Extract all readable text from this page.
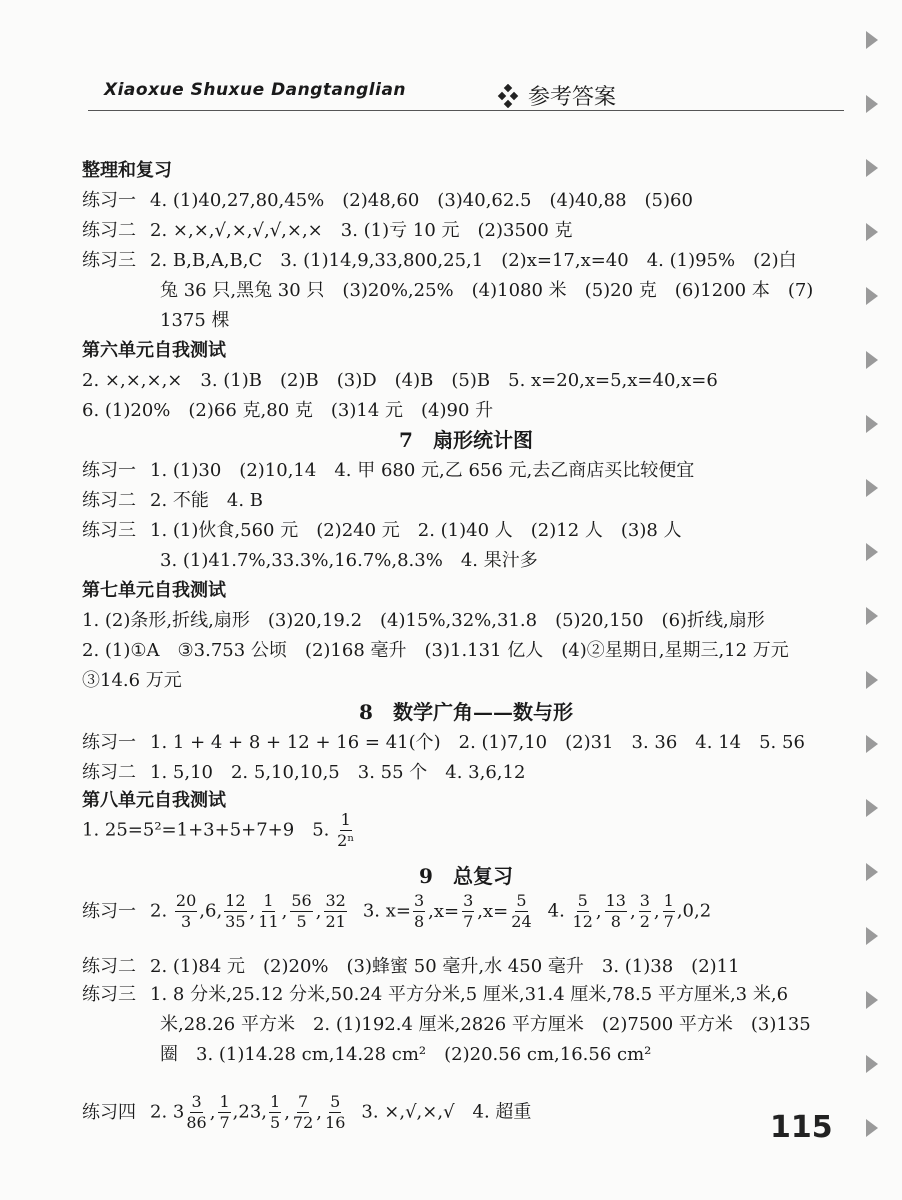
Xiaoxue Shuxue Dangtanglian	参考答案
整理和复习
练习一 4. (1)40,27,80,45%　(2)48,60　(3)40,62.5　(4)40,88　(5)60
练习二 2. ×,×,√,×,√,√,×,×　3. (1)亏 10 元　(2)3500 克
练习三 2. B,B,A,B,C　3. (1)14,9,33,800,25,1　(2)x=17,x=40　4. (1)95%　(2)白
兔 36 只,黑兔 30 只　(3)20%,25%　(4)1080 米　(5)20 克　(6)1200 本　(7)
1375 棵
第六单元自我测试
2. ×,×,×,×　3. (1)B　(2)B　(3)D　(4)B　(5)B　5. x=20,x=5,x=40,x=6
6. (1)20%　(2)66 克,80 克　(3)14 元　(4)90 升
7　扇形统计图
练习一 1. (1)30　(2)10,14　4. 甲 680 元,乙 656 元,去乙商店买比较便宜
练习二 2. 不能　4. B
练习三 1. (1)伙食,560 元　(2)240 元　2. (1)40 人　(2)12 人　(3)8 人
3. (1)41.7%,33.3%,16.7%,8.3%　4. 果汁多
第七单元自我测试
1. (2)条形,折线,扇形　(3)20,19.2　(4)15%,32%,31.8　(5)20,150　(6)折线,扇形
2. (1)①A　③3.753 公顷　(2)168 毫升　(3)1.131 亿人　(4)②星期日,星期三,12 万元
③14.6 万元
8　数学广角——数与形
练习一 1. 1 + 4 + 8 + 12 + 16 = 41(个)　2. (1)7,10　(2)31　3. 36　4. 14　5. 56
练习二 1. 5,10　2. 5,10,10,5　3. 55 个　4. 3,6,12
第八单元自我测试
9　总复习
练习二 2. (1)84 元　(2)20%　(3)蜂蜜 50 毫升,水 450 毫升　3. (1)38　(2)11
练习三 1. 8 分米,25.12 分米,50.24 平方分米,5 厘米,31.4 厘米,78.5 平方厘米,3 米,6
米,28.26 平方米　2. (1)192.4 厘米,2826 平方厘米　(2)7500 平方米　(3)135
圈　3. (1)14.28 cm,14.28 cm²　(2)20.56 cm,16.56 cm²
1. 25=5²=1+3+5+7+9　5. $\frac{1}{\text{2ⁿ}}$
练习一 2. $\frac{20}{3} ,6$, $\frac{12}{35}$ , $\frac{1}{11}$ , $\frac{56}{5}$ , $\frac{32}{21} 3$. $x= \frac{3}{8} ,x= \frac{3}{7} ,x= \frac{5}{24} 4$. $\frac{5}{12}$ , $\frac{13}{8}$ , $\frac{3}{2}$ , $\frac{1}{7} ,0,2$
练习四 2. $3 \frac{3}{86}$ , $\frac{1}{7} ,23$, $\frac{1}{5}$ , $\frac{7}{72}$ , $\frac{5}{16} 3$. ×,√,×,√　4. 超重	115
